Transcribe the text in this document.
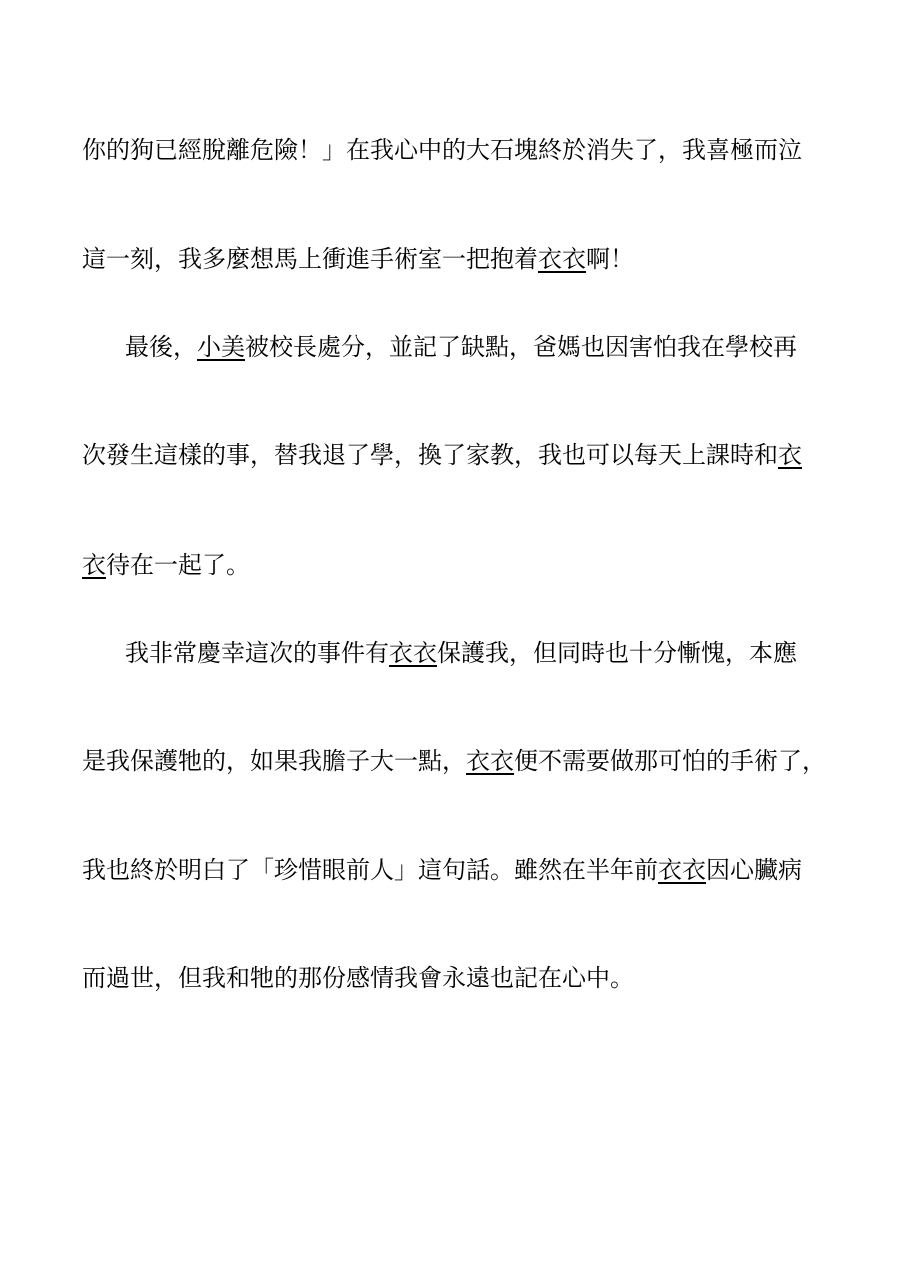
你的狗已經脫離危險！」在我心中的大石塊終於消失了，我喜極而泣

這一刻，我多麼想馬上衝進手術室一把抱着衣衣啊！

最後，小美被校長處分，並記了缺點，爸媽也因害怕我在學校再

次發生這樣的事，替我退了學，換了家教，我也可以每天上課時和衣

衣待在一起了。

我非常慶幸這次的事件有衣衣保護我，但同時也十分慚愧，本應

是我保護牠的，如果我膽子大一點，衣衣便不需要做那可怕的手術了，

我也終於明白了「珍惜眼前人」這句話。雖然在半年前衣衣因心臟病

而過世，但我和牠的那份感情我會永遠也記在心中。
